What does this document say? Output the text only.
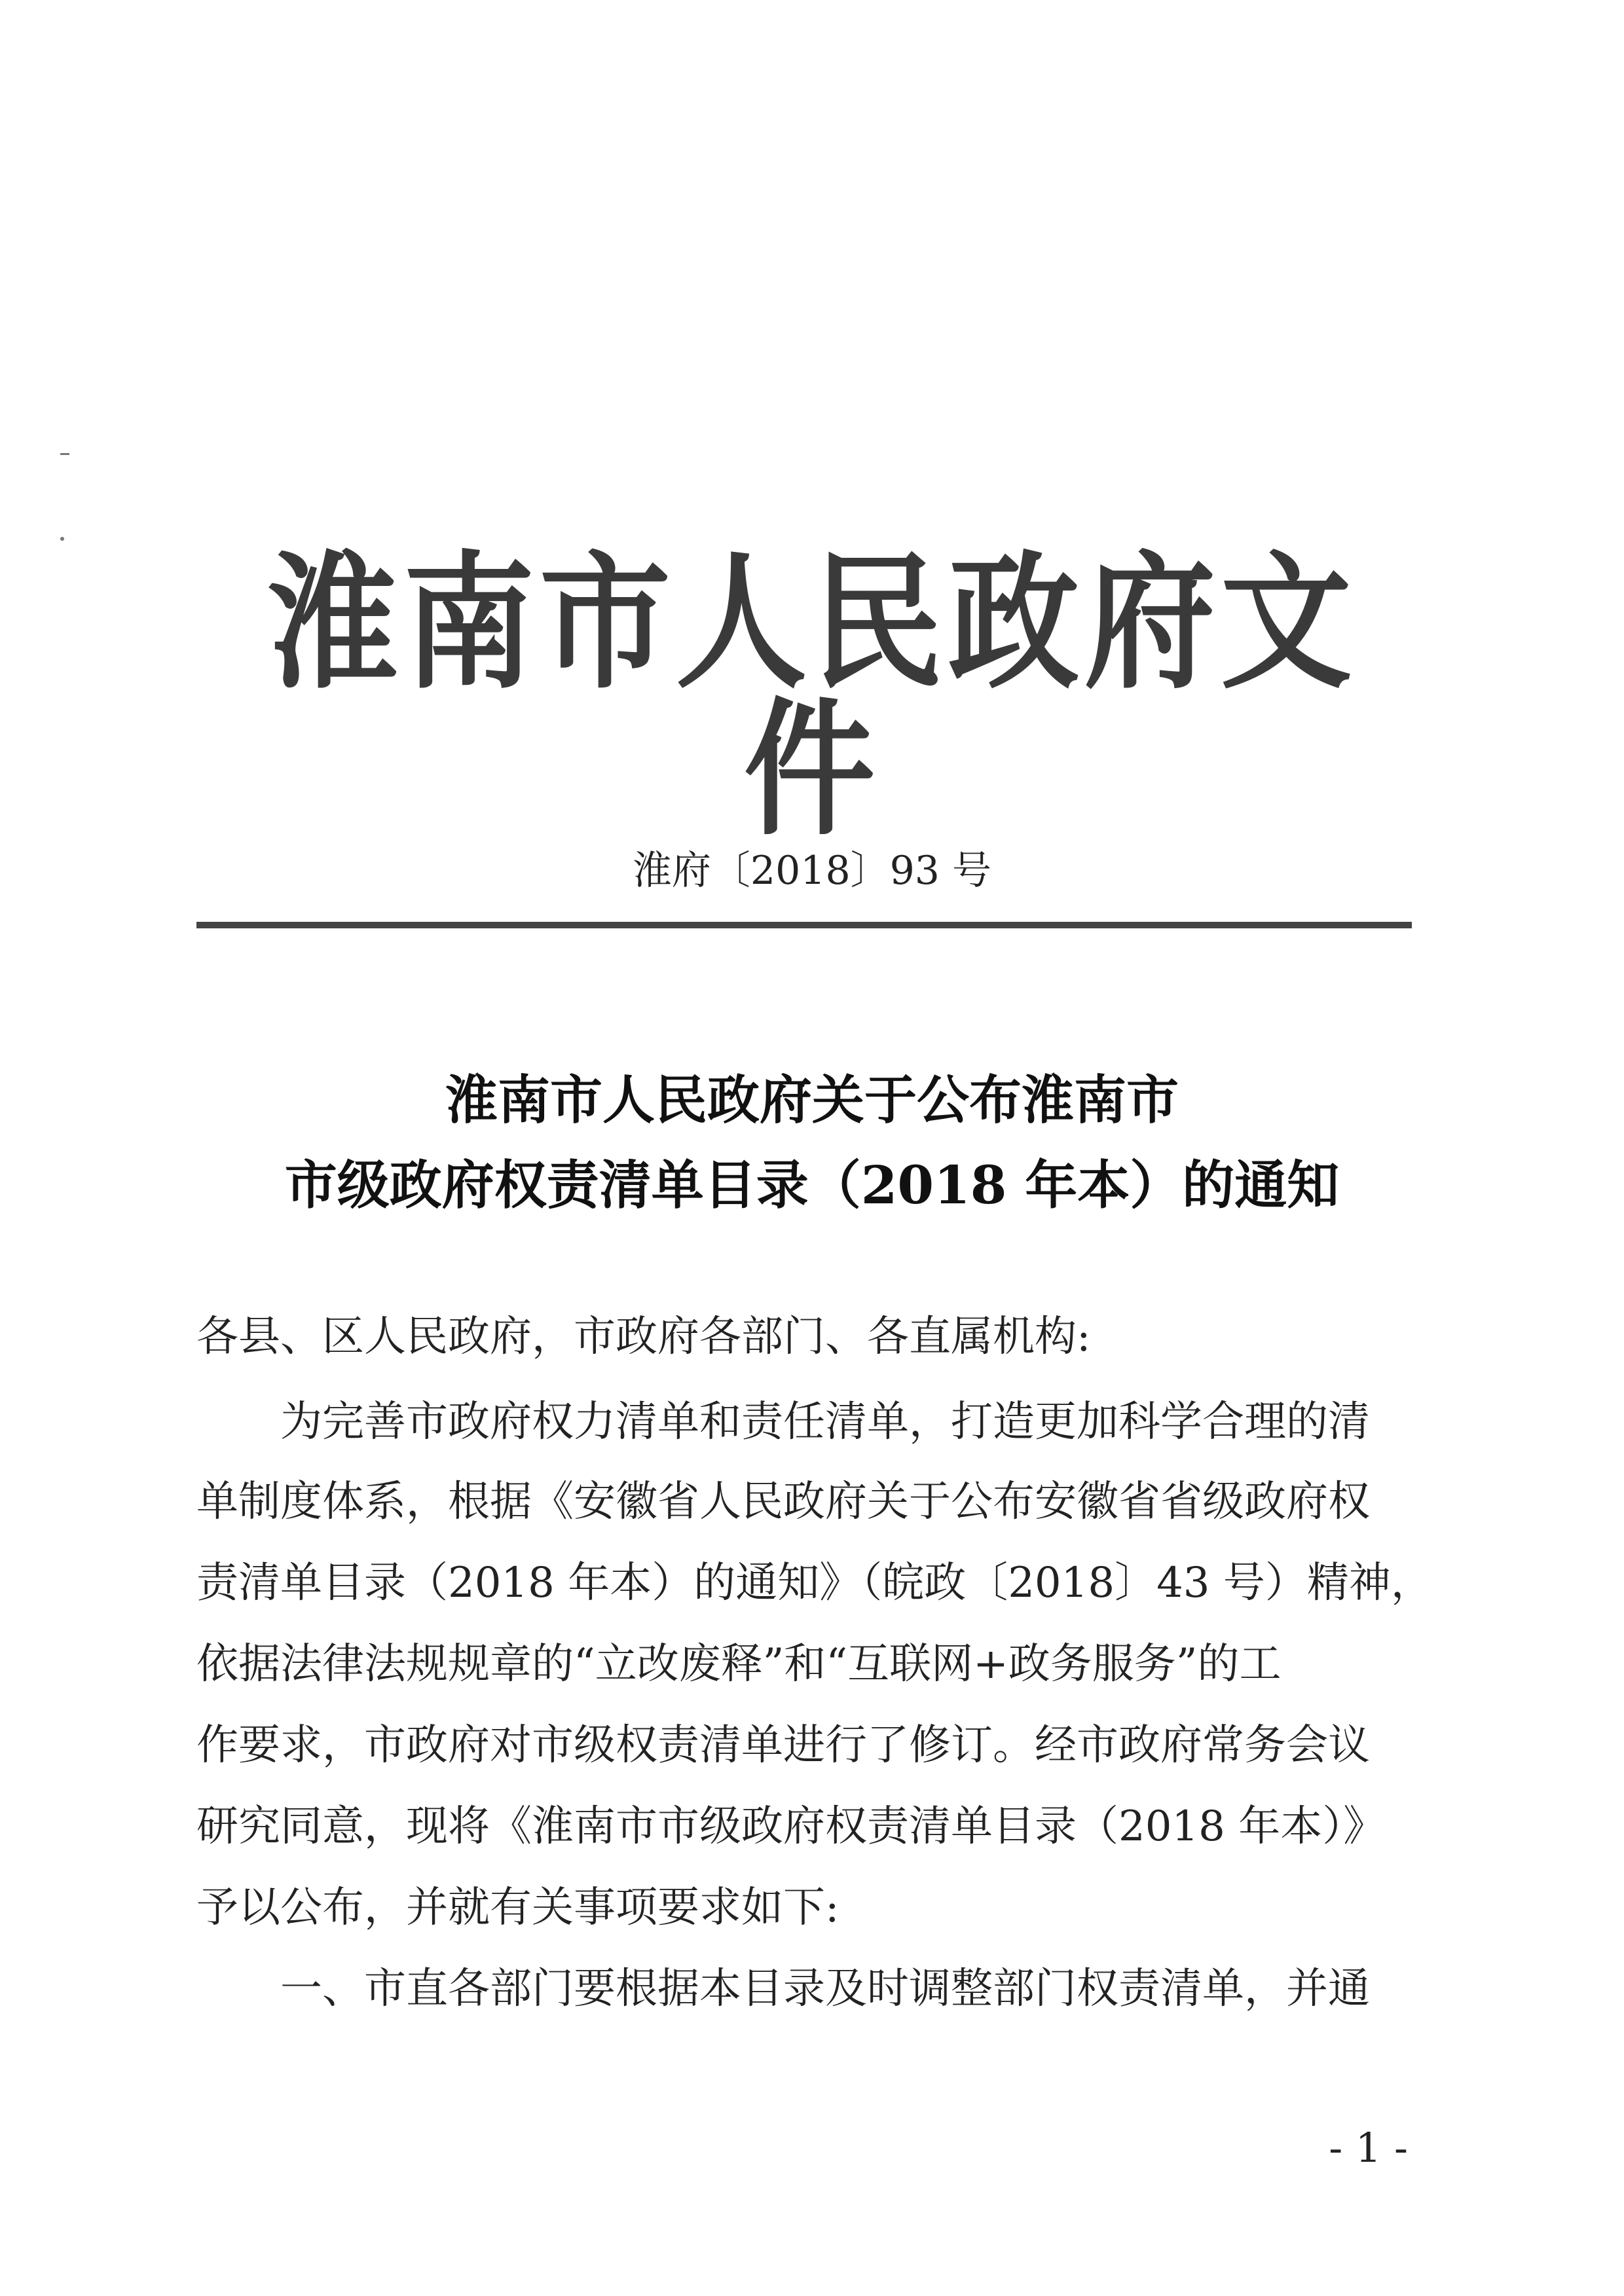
淮南市人民政府文件
淮府〔2018〕93 号
淮南市人民政府关于公布淮南市
市级政府权责清单目录（2018 年本）的通知
各县、区人民政府，市政府各部门、各直属机构:
为完善市政府权力清单和责任清单，打造更加科学合理的清
单制度体系，根据《安徽省人民政府关于公布安徽省省级政府权
责清单目录（2018 年本）的通知》（皖政〔2018〕43 号）精神，
依据法律法规规章的“立改废释”和“互联网+政务服务”的工
作要求，市政府对市级权责清单进行了修订。经市政府常务会议
研究同意，现将《淮南市市级政府权责清单目录（2018 年本）》
予以公布，并就有关事项要求如下:
一、市直各部门要根据本目录及时调整部门权责清单，并通
- 1 -
